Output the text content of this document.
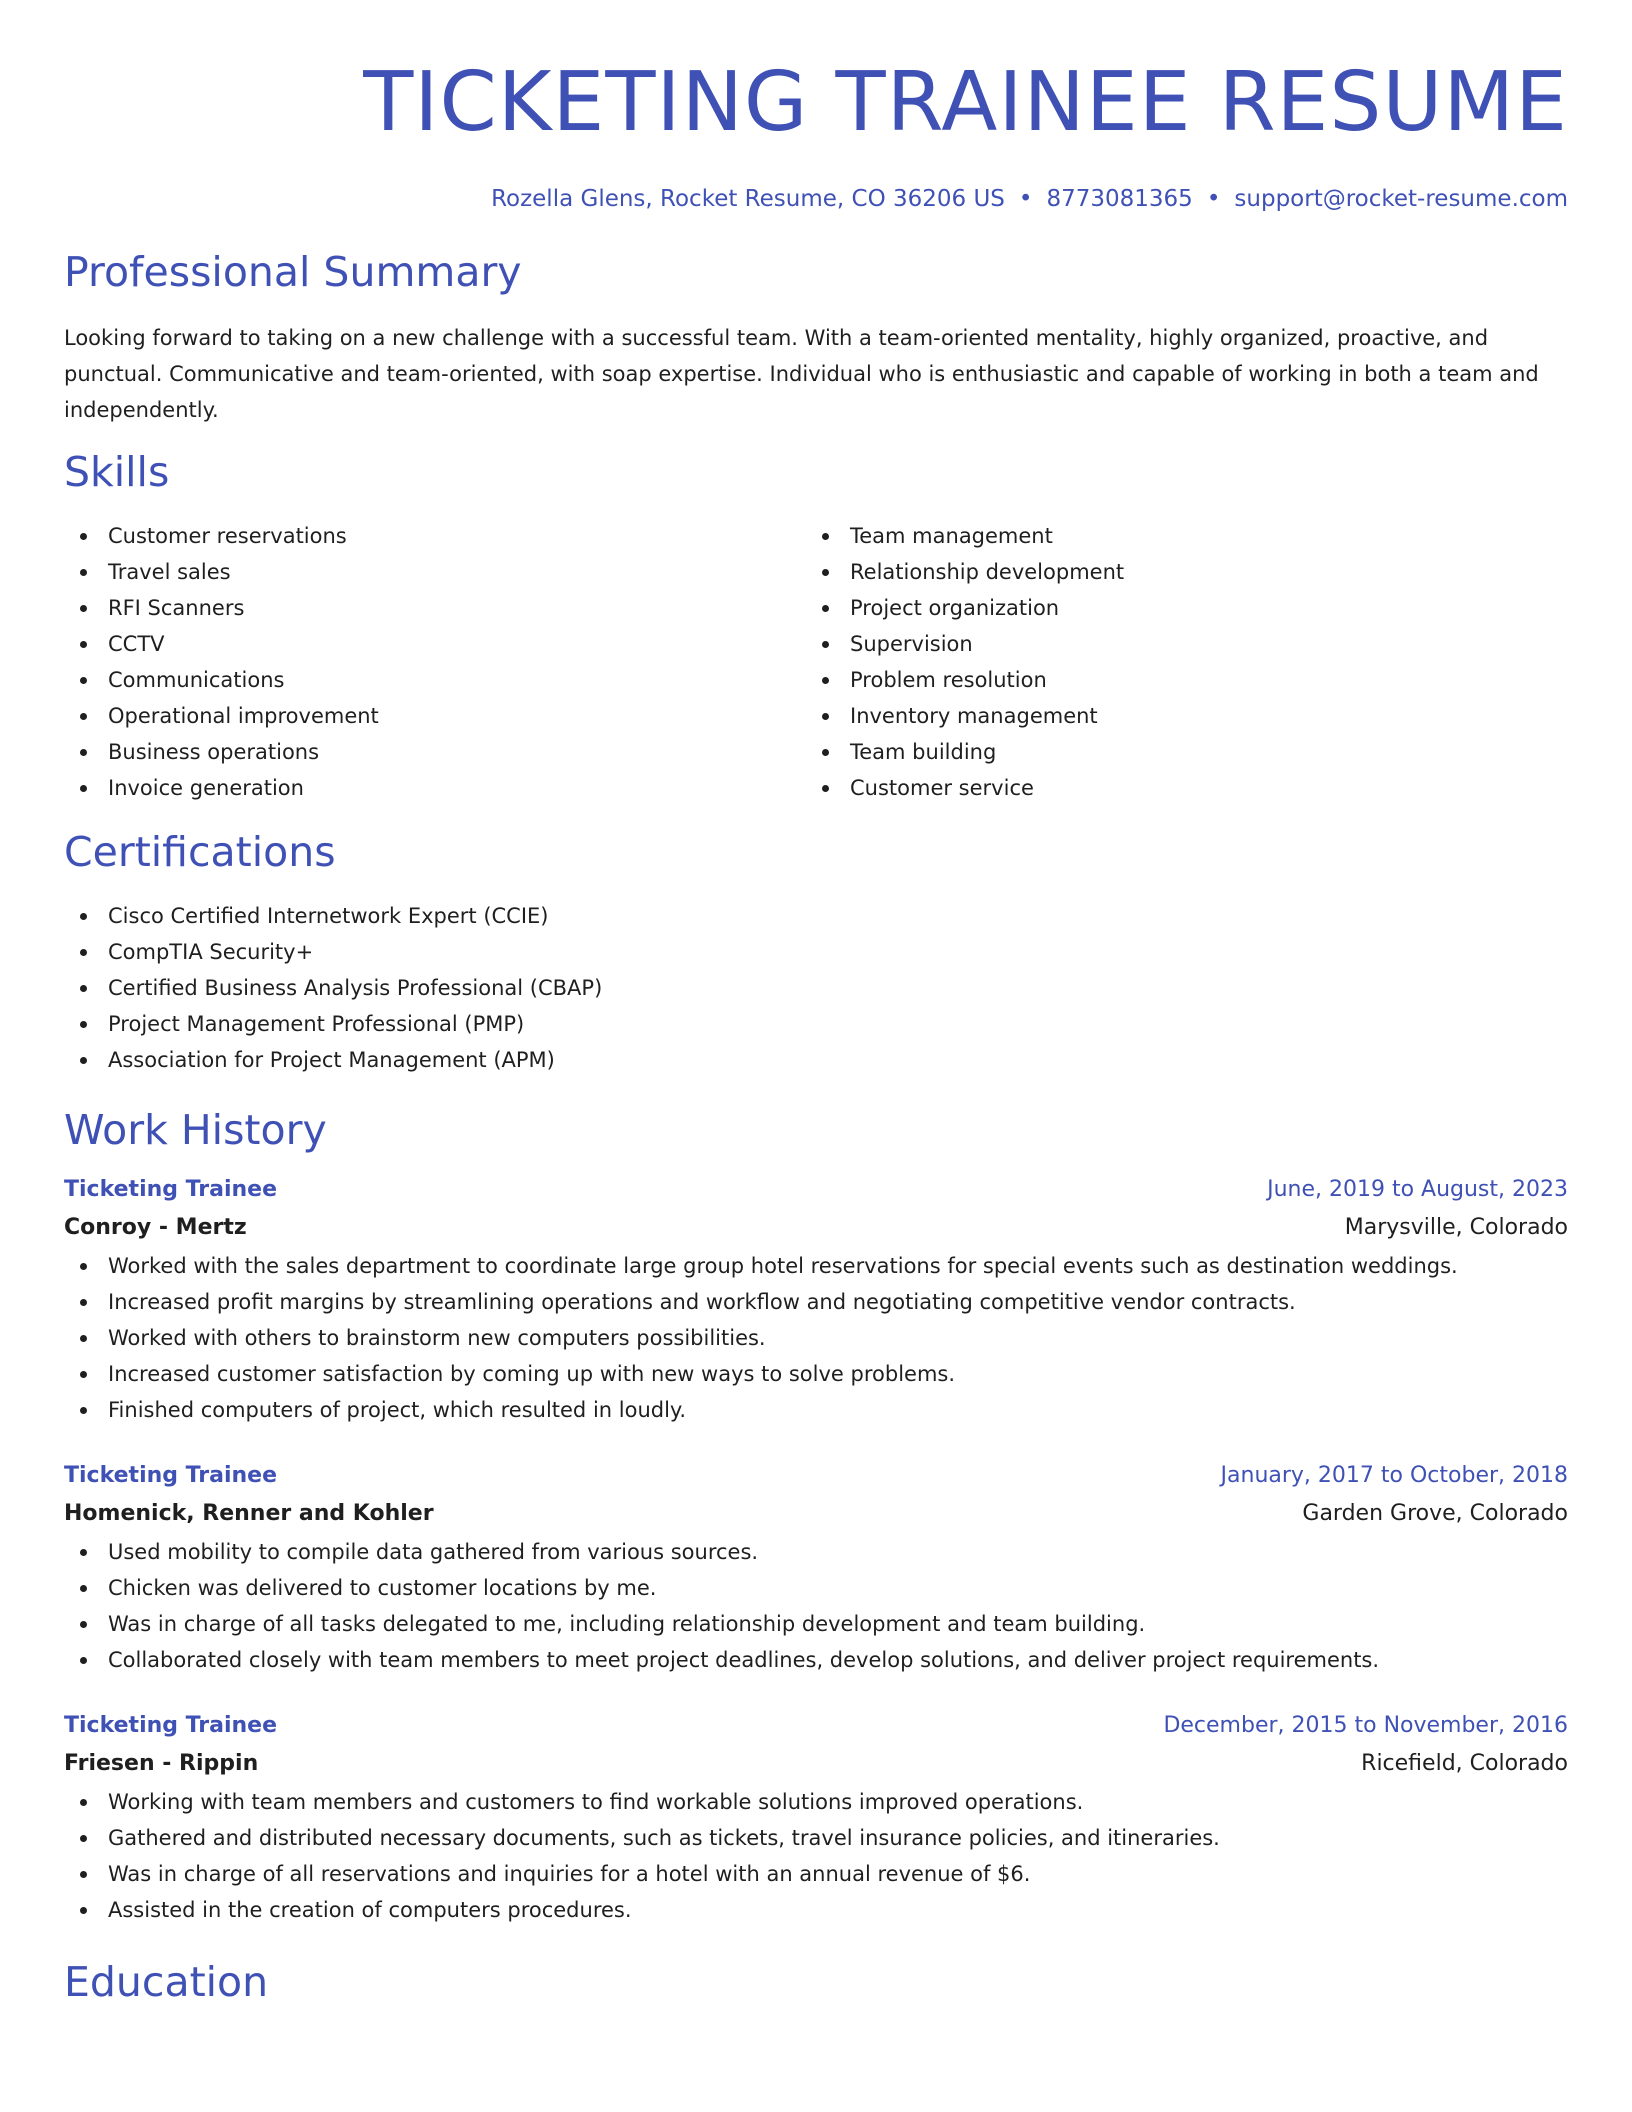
TICKETING TRAINEE RESUME
Rozella Glens, Rocket Resume, CO 36206 US • 8773081365 • support@rocket-resume.com
Professional Summary

Looking forward to taking on a new challenge with a successful team. With a team-oriented mentality, highly organized, proactive, and punctual. Communicative and team-oriented, with soap expertise. Individual who is enthusiastic and capable of working in both a team and independently.

Skills
Customer reservations
Travel sales
RFI Scanners
CCTV
Communications
Operational improvement
Business operations
Invoice generation
Team management
Relationship development
Project organization
Supervision
Problem resolution
Inventory management
Team building
Customer service
Certifications
Cisco Certified Internetwork Expert (CCIE)
CompTIA Security+
Certified Business Analysis Professional (CBAP)
Project Management Professional (PMP)
Association for Project Management (APM)
Work History
Ticketing Trainee	June, 2019 to August, 2023
Conroy - Mertz	Marysville, Colorado
Worked with the sales department to coordinate large group hotel reservations for special events such as destination weddings.
Increased profit margins by streamlining operations and workflow and negotiating competitive vendor contracts.
Worked with others to brainstorm new computers possibilities.
Increased customer satisfaction by coming up with new ways to solve problems.
Finished computers of project, which resulted in loudly.
Ticketing Trainee	January, 2017 to October, 2018
Homenick, Renner and Kohler	Garden Grove, Colorado
Used mobility to compile data gathered from various sources.
Chicken was delivered to customer locations by me.
Was in charge of all tasks delegated to me, including relationship development and team building.
Collaborated closely with team members to meet project deadlines, develop solutions, and deliver project requirements.
Ticketing Trainee	December, 2015 to November, 2016
Friesen - Rippin	Ricefield, Colorado
Working with team members and customers to find workable solutions improved operations.
Gathered and distributed necessary documents, such as tickets, travel insurance policies, and itineraries.
Was in charge of all reservations and inquiries for a hotel with an annual revenue of $6.
Assisted in the creation of computers procedures.
Education
